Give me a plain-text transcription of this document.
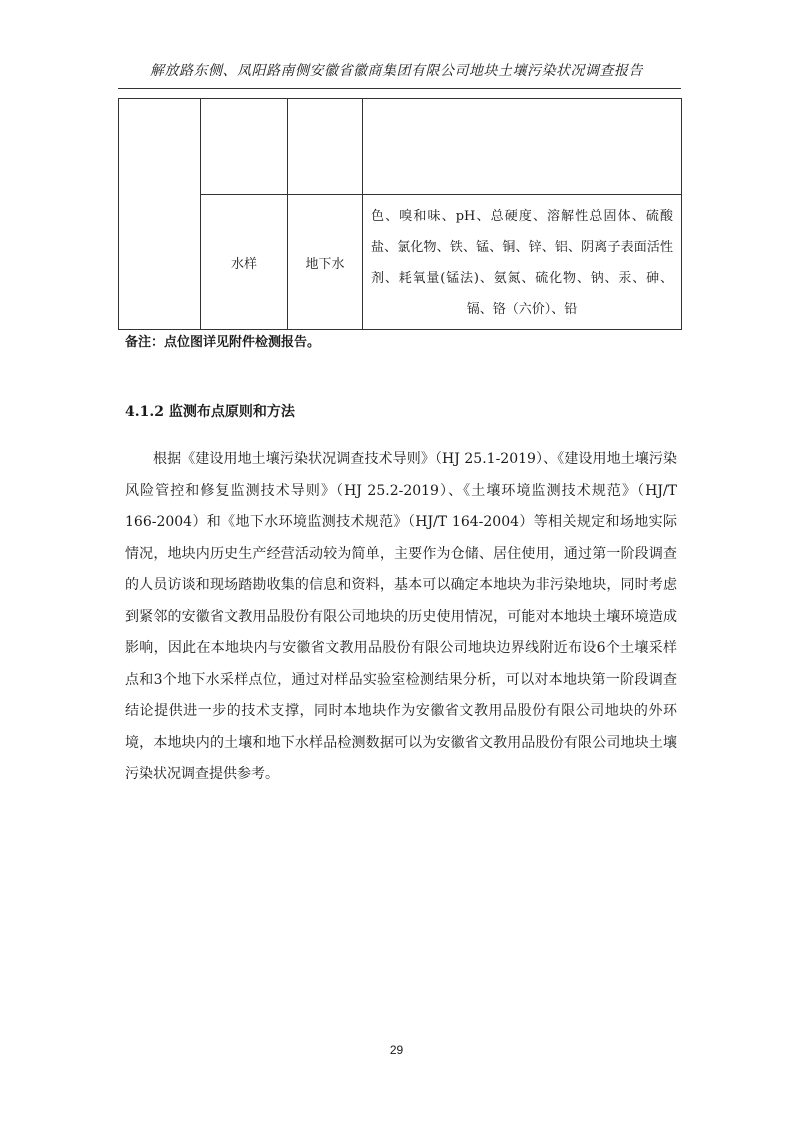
解放路东侧、凤阳路南侧安徽省徽商集团有限公司地块土壤污染状况调查报告

	水样	地下水	色、嗅和味、pH、总硬度、溶解性总固体、硫酸盐、氯化物、铁、锰、铜、锌、铝、阴离子表面活性剂、耗氧量(锰法)、氨氮、硫化物、钠、汞、砷、镉、铬（六价）、铅
备注：点位图详见附件检测报告。
4.1.2 监测布点原则和方法
根据《建设用地土壤污染状况调查技术导则》（HJ 25.1-2019）、《建设用地土壤污染风险管控和修复监测技术导则》（HJ 25.2-2019）、《土壤环境监测技术规范》（HJ/T 166-2004）和《地下水环境监测技术规范》（HJ/T 164-2004）等相关规定和场地实际情况，地块内历史生产经营活动较为简单，主要作为仓储、居住使用，通过第一阶段调查的人员访谈和现场踏勘收集的信息和资料，基本可以确定本地块为非污染地块，同时考虑到紧邻的安徽省文教用品股份有限公司地块的历史使用情况，可能对本地块土壤环境造成影响，因此在本地块内与安徽省文教用品股份有限公司地块边界线附近布设6个土壤采样点和3个地下水采样点位，通过对样品实验室检测结果分析，可以对本地块第一阶段调查结论提供进一步的技术支撑，同时本地块作为安徽省文教用品股份有限公司地块的外环境，本地块内的土壤和地下水样品检测数据可以为安徽省文教用品股份有限公司地块土壤污染状况调查提供参考。
29
